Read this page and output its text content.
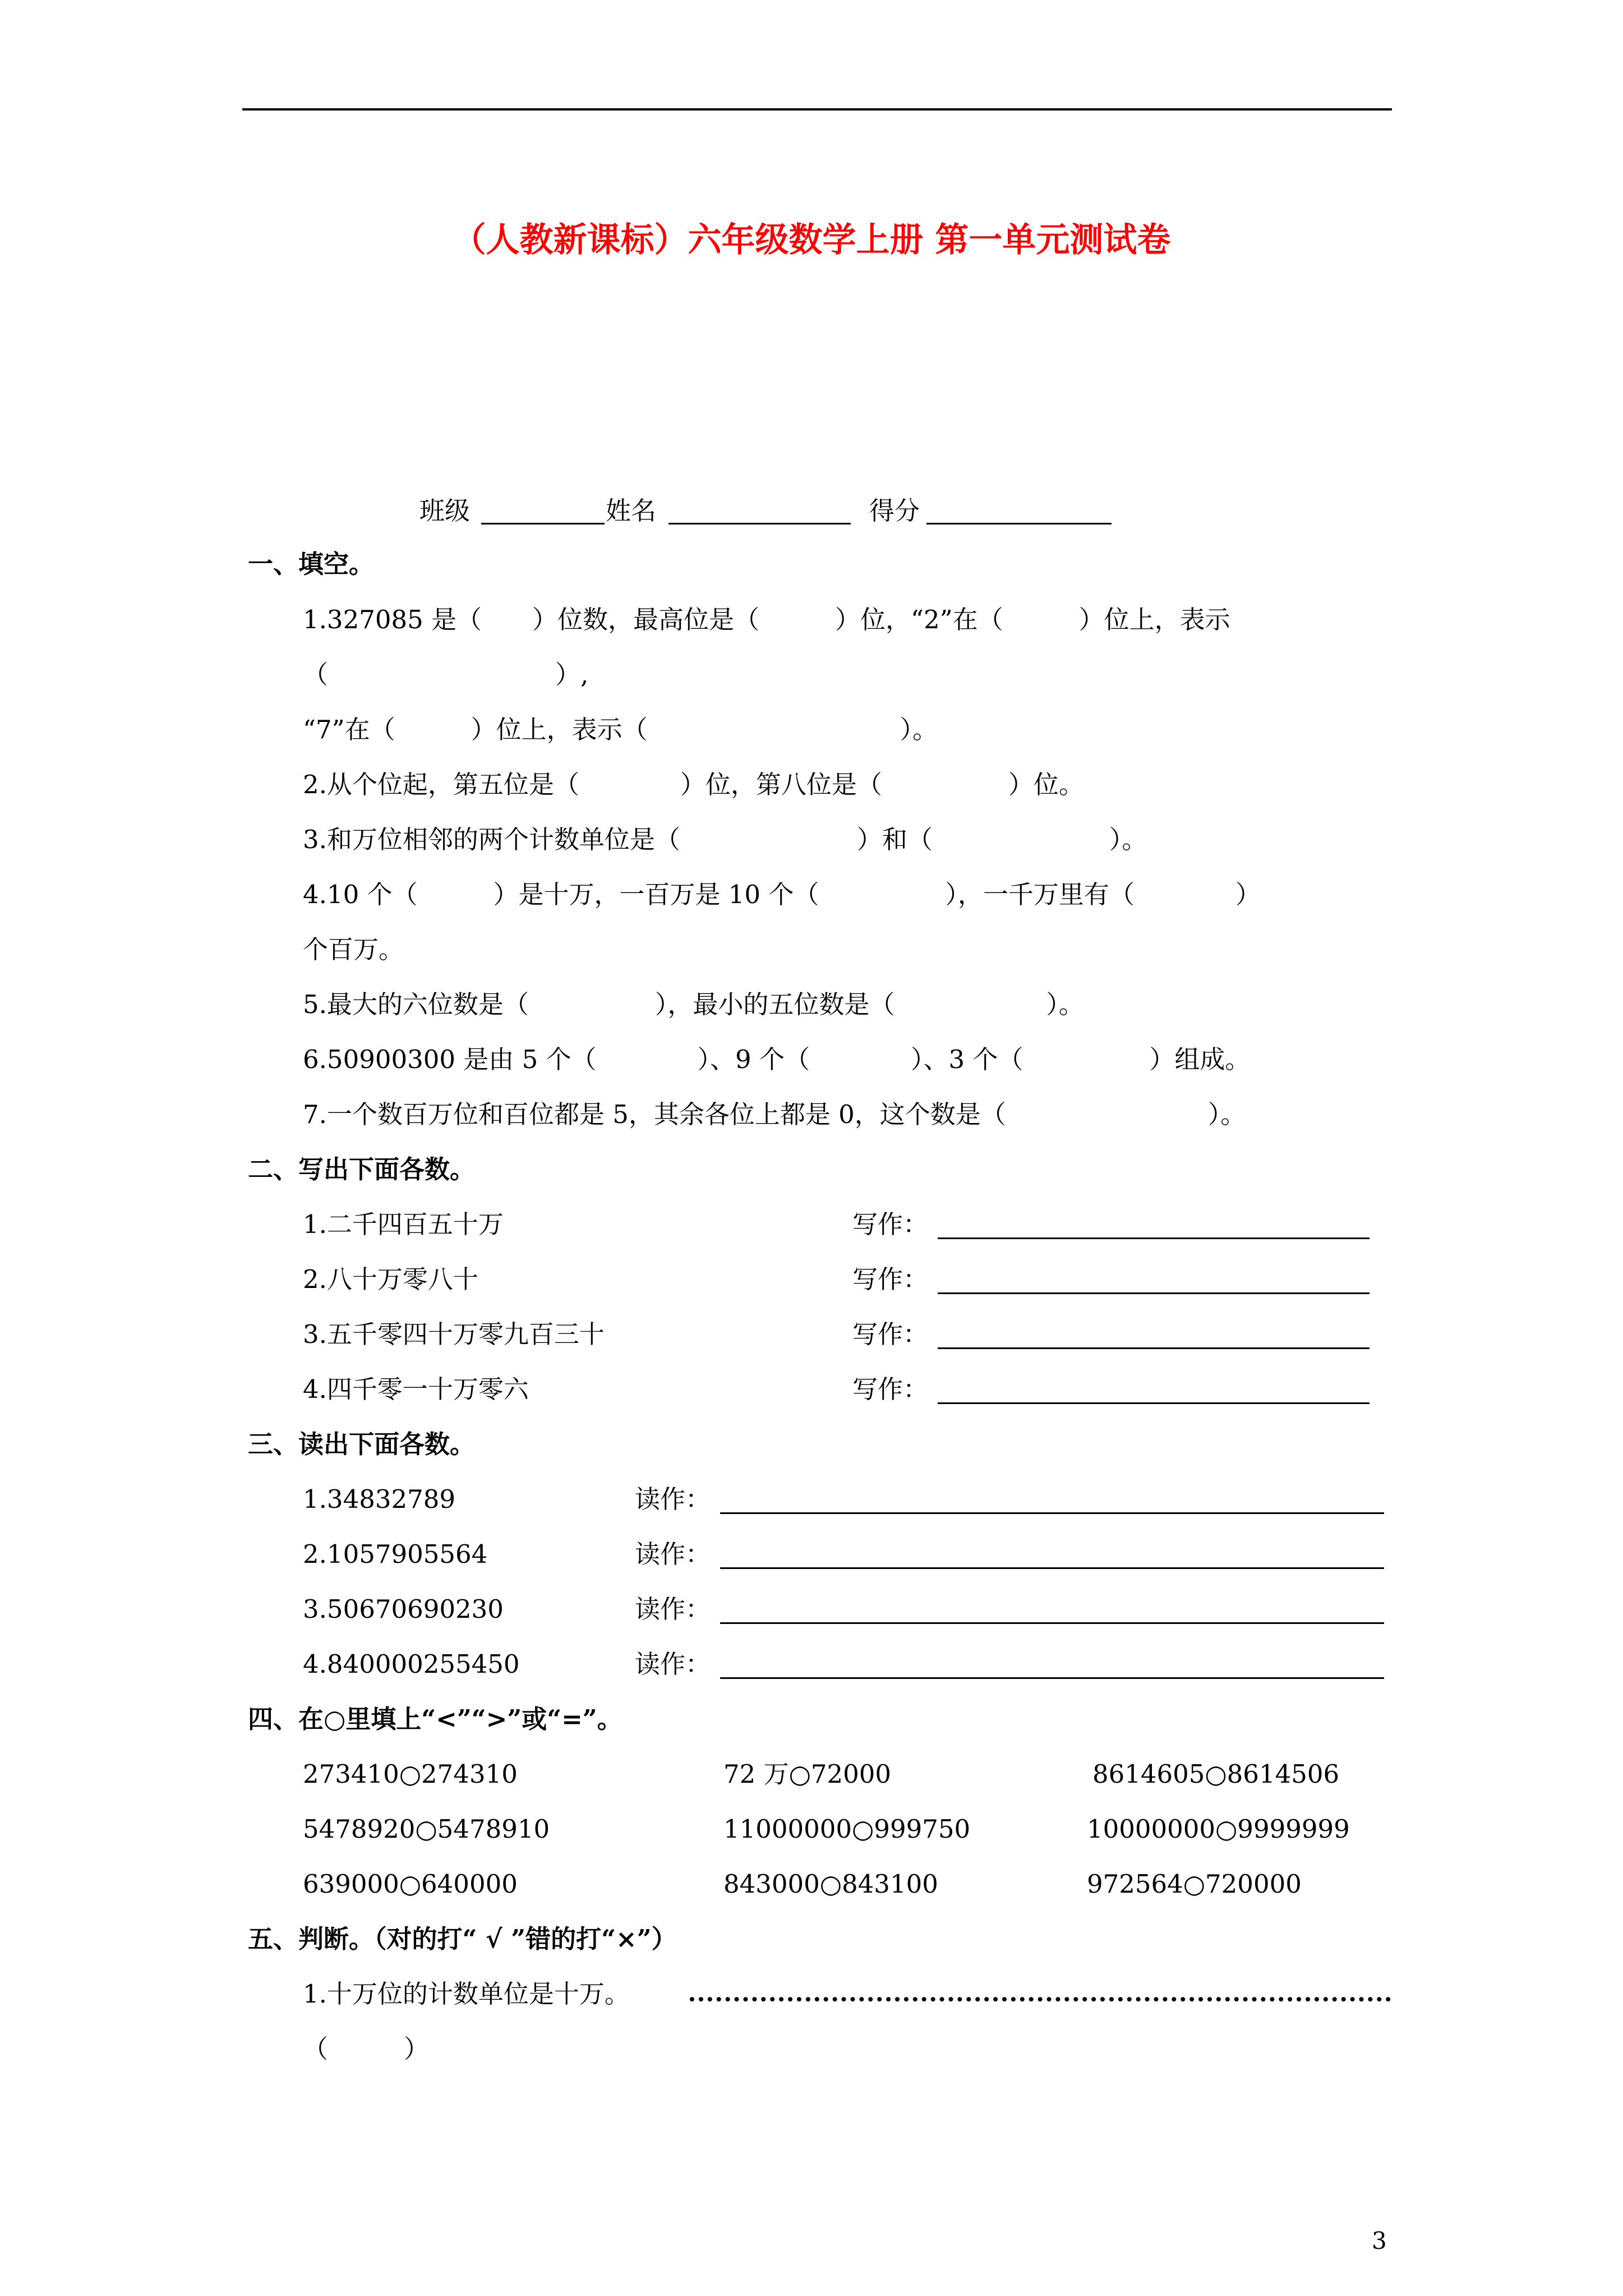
（人教新课标）六年级数学上册 第一单元测试卷
班级	姓名	得分
一、填空。
1.327085 是（　　）位数，最高位是（　　　）位，“2”在（　　　）位上，表示
（　　　　　　　　　）,
“7”在（　　　）位上，表示（　　　　　　　　　　）。
2.从个位起，第五位是（　　　　）位，第八位是（　　　　　）位。
3.和万位相邻的两个计数单位是（　　　　　　　）和（　　　　　　　）。
4.10 个（　　　）是十万，一百万是 10 个（　　　　　），一千万里有（　　　　）
个百万。
5.最大的六位数是（　　　　　），最小的五位数是（　　　　　　）。
6.50900300 是由 5 个（　　　　）、9 个（　　　　）、3 个（　　　　　）组成。
7.一个数百万位和百位都是 5，其余各位上都是 0，这个数是（　　　　　　　　）。
二、写出下面各数。
1.二千四百五十万	写作：
2.八十万零八十	写作：
3.五千零四十万零九百三十	写作：
4.四千零一十万零六	写作：
三、读出下面各数。
1.34832789	读作：
2.1057905564	读作：
3.50670690230	读作：
4.840000255450	读作：
四、在○里填上“<”“>”或“=”。
273410○274310	72 万○72000	8614605○8614506
5478920○5478910	11000000○999750	10000000○9999999
639000○640000	843000○843100	972564○720000
五、判断。（对的打“ √ ”错的打“×”）
1.十万位的计数单位是十万。
（　　　）
3
